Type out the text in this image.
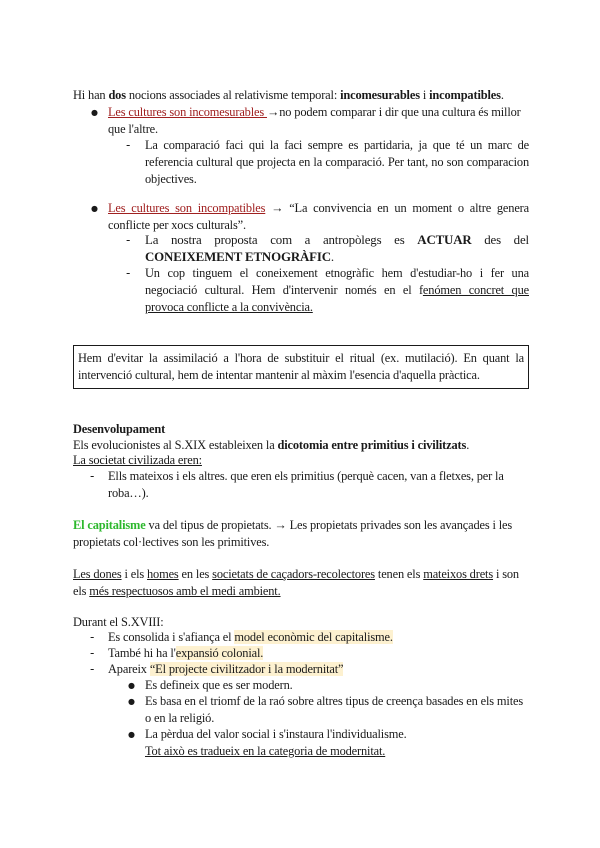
Hi han dos nocions associades al relativisme temporal: incomesurables i incompatibles.

● Les cultures son incomesurables →no podem comparar i dir que una cultura és millor que l'altre.

- La comparació faci qui la faci sempre es partidaria, ja que té un marc de referencia cultural que projecta en la comparació. Per tant, no son comparacion objectives.

● Les cultures son incompatibles → “La convivencia en un moment o altre genera conflicte per xocs culturals”.

- La nostra proposta com a antropòlegs es ACTUAR des del CONEIXEMENT ETNOGRÀFIC.

- Un cop tinguem el coneixement etnogràfic hem d'estudiar-ho i fer una negociació cultural. Hem d'intervenir només en el fenómen concret que provoca conflicte a la convivència.

Hem d'evitar la assimilació a l'hora de substituir el ritual (ex. mutilació). En quant la intervenció cultural, hem de intentar mantenir al màxim l'esencia d'aquella pràctica.

Desenvolupament

Els evolucionistes al S.XIX estableixen la dicotomia entre primitius i civilitzats.

La societat civilizada eren:

- Ells mateixos i els altres. que eren els primitius (perquè cacen, van a fletxes, per la roba…).

El capitalisme va del tipus de propietats. → Les propietats privades son les avançades i les propietats col·lectives son les primitives.

Les dones i els homes en les societats de caçadors-recolectores tenen els mateixos drets i son els més respectuosos amb el medi ambient.

Durant el S.XVIII:

- Es consolida i s'afiança el model econòmic del capitalisme.

- També hi ha l'expansió colonial.

- Apareix “El projecte civilitzador i la modernitat”

● Es defineix que es ser modern.

● Es basa en el triomf de la raó sobre altres tipus de creença basades en els mites o en la religió.

● La pèrdua del valor social i s'instaura l'individualisme.

Tot això es tradueix en la categoria de modernitat.
